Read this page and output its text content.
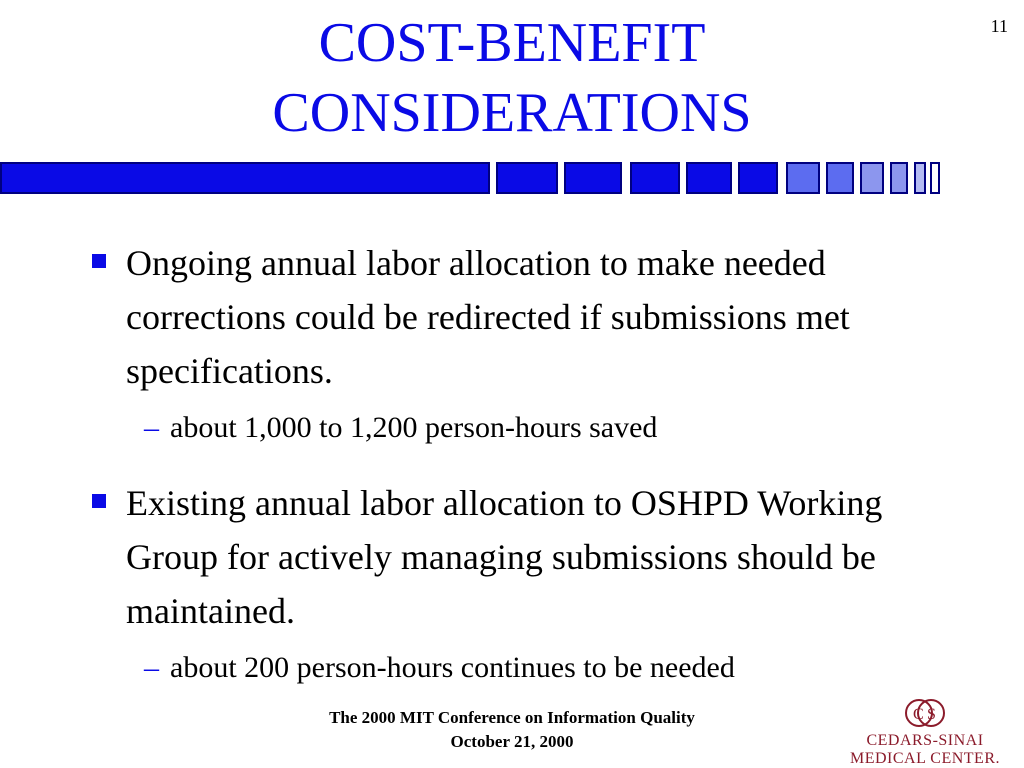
11
COST-BENEFIT
CONSIDERATIONS
Ongoing annual labor allocation to make needed corrections could be redirected if submissions met specifications.
– about 1,000 to 1,200 person-hours saved
Existing annual labor allocation to OSHPD Working Group for actively managing submissions should be maintained.
– about 200 person-hours continues to be needed
The 2000 MIT Conference on Information Quality
October 21, 2000
C S
CEDARS-SINAI MEDICAL CENTER.
